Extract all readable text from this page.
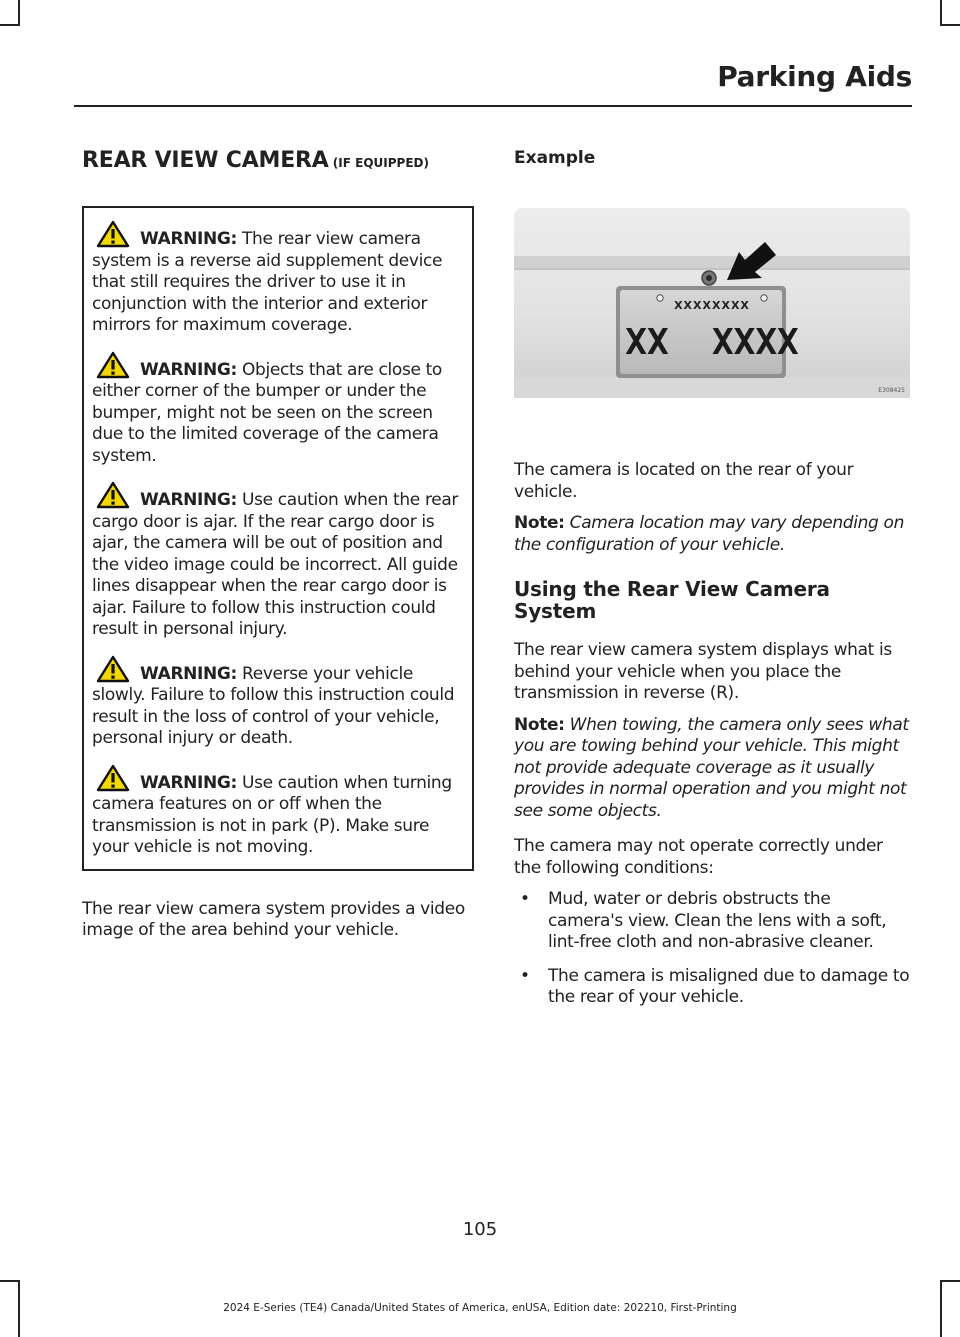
Parking Aids
REAR VIEW CAMERA (IF EQUIPPED)

WARNING: The rear view camera system is a reverse aid supplement device that still requires the driver to use it in conjunction with the interior and exterior mirrors for maximum coverage.

WARNING: Objects that are close to either corner of the bumper or under the bumper, might not be seen on the screen due to the limited coverage of the camera system.

WARNING: Use caution when the rear cargo door is ajar. If the rear cargo door is ajar, the camera will be out of position and the video image could be incorrect. All guide lines disappear when the rear cargo door is ajar. Failure to follow this instruction could result in personal injury.

WARNING: Reverse your vehicle slowly. Failure to follow this instruction could result in the loss of control of your vehicle, personal injury or death.

WARNING: Use caution when turning camera features on or off when the transmission is not in park (P). Make sure your vehicle is not moving.

The rear view camera system provides a video image of the area behind your vehicle.

Example

XXXXXXXX
XX  XXXX
E308425

The camera is located on the rear of your vehicle.

Note: Camera location may vary depending on the configuration of your vehicle.

Using the Rear View Camera System

The rear view camera system displays what is behind your vehicle when you place the transmission in reverse (R).

Note: When towing, the camera only sees what you are towing behind your vehicle. This might not provide adequate coverage as it usually provides in normal operation and you might not see some objects.

The camera may not operate correctly under the following conditions:

• Mud, water or debris obstructs the camera's view. Clean the lens with a soft, lint-free cloth and non-abrasive cleaner.
• The camera is misaligned due to damage to the rear of your vehicle.
105
2024 E-Series (TE4) Canada/United States of America, enUSA, Edition date: 202210, First-Printing
